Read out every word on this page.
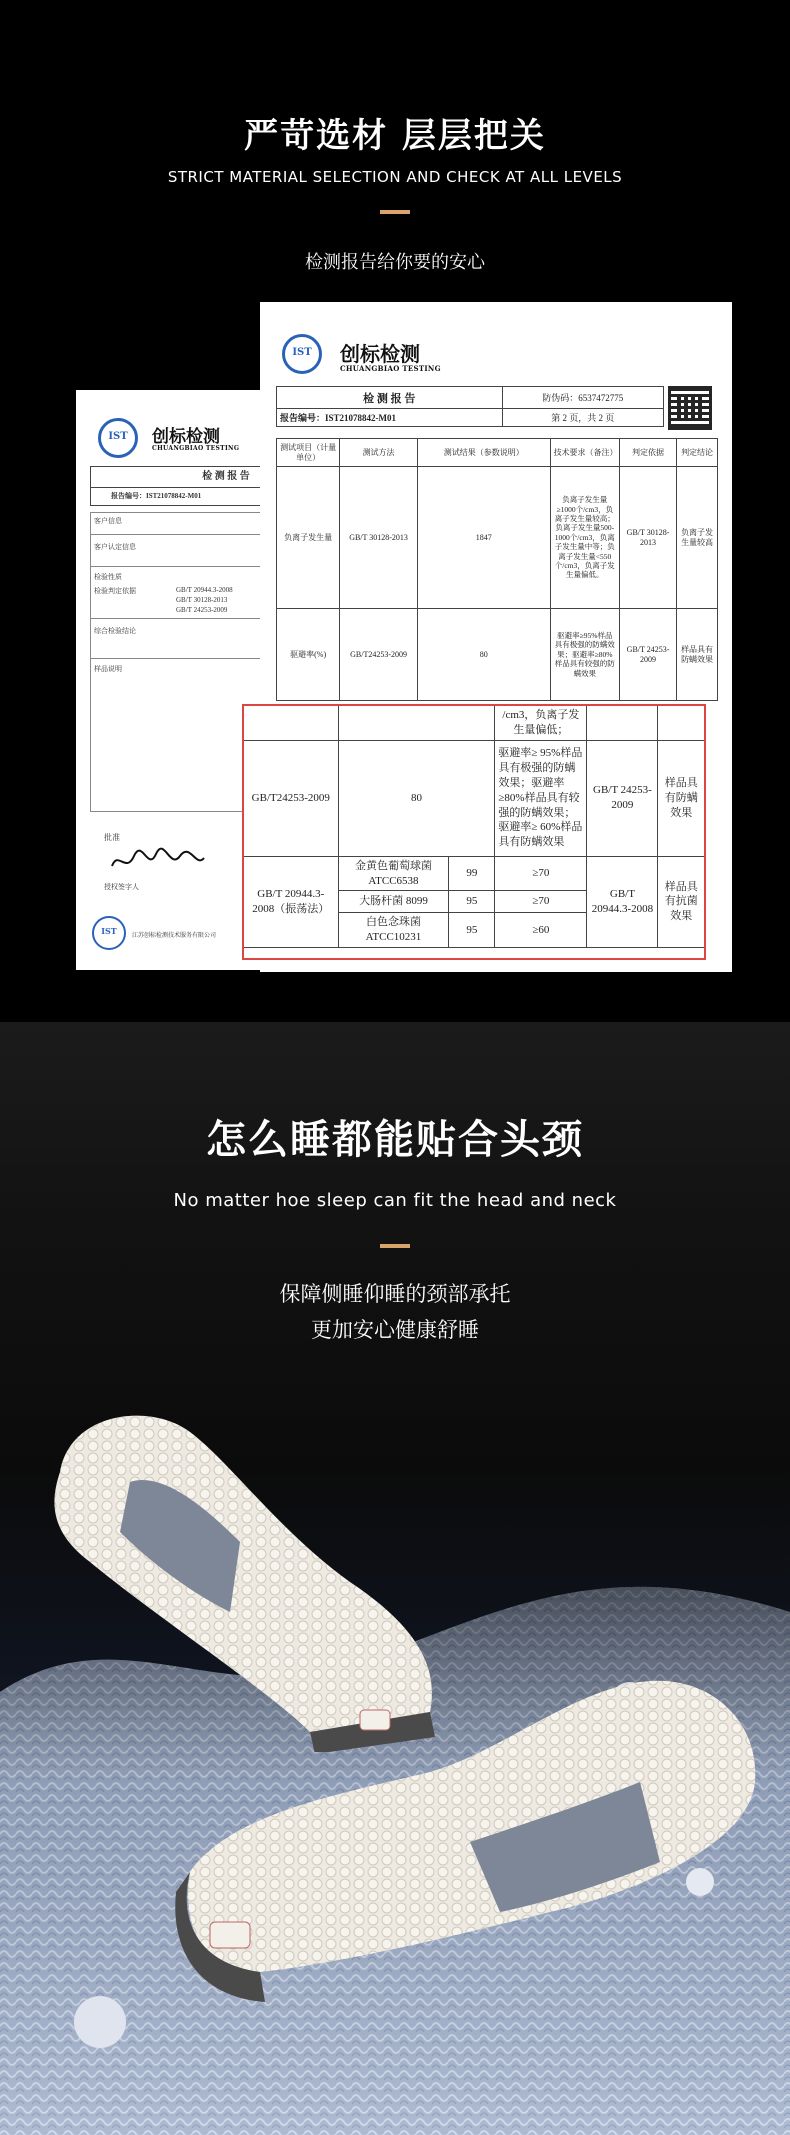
严苛选材 层层把关
STRICT MATERIAL SELECTION AND CHECK AT ALL LEVELS
检测报告给你要的安心
IST	创标检测
CHUANGBIAO TESTING
检 测 报 告
报告编号：IST21078842-M01
客户信息
客户认定信息
检验性质
检验判定依据	GB/T 20944.3-2008
GB/T 30128-2013
GB/T 24253-2009
综合检验结论
样品说明
批准
授权签字人
IST	江苏创标检测技术服务有限公司
IST	创标检测
CHUANGBIAO TESTING
检 测 报 告	防伪码：6537472775
报告编号：IST21078842-M01	第 2 页，共 2 页
测试项目（计量单位）	测试方法	测试结果（参数说明）	技术要求（备注）	判定依据	判定结论
负离子发生量	GB/T 30128-2013	1847	负离子发生量≥1000个/cm3，负离子发生量较高；负离子发生量500-1000个/cm3，负离子发生量中等；负离子发生量<550个/cm3，负离子发生量偏低。	GB/T 30128-2013	负离子发生量较高
驱避率(%)	GB/T24253-2009	80	驱避率≥95%样品具有极强的防螨效果；驱避率≥80%样品具有较强的防螨效果	GB/T 24253-2009	样品具有防螨效果
			/cm3，负离子发生量偏低；		
GB/T24253-2009	80		驱避率≥ 95%样品具有极强的防螨效果；驱避率≥80%样品具有较强的防螨效果；驱避率≥ 60%样品具有防螨效果	GB/T 24253-2009	样品具有防螨效果
GB/T 20944.3-2008（振荡法）	金黄色葡萄球菌 ATCC6538	99	≥70	GB/T 20944.3-2008	样品具有抗菌效果
	大肠杆菌 8099	95	≥70		
	白色念珠菌 ATCC10231	95	≥60		
怎么睡都能贴合头颈
No matter hoe sleep can fit the head and neck
保障侧睡仰睡的颈部承托
更加安心健康舒睡
